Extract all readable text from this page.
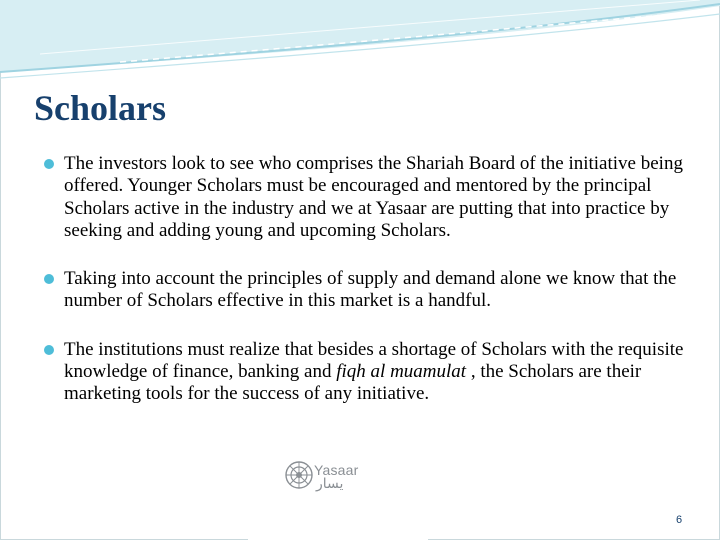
Scholars
The investors look to see who comprises the Shariah Board of the initiative being offered. Younger Scholars must be encouraged and mentored by the principal Scholars active in the industry and we at Yasaar are putting that into practice by seeking and adding young and upcoming Scholars.
Taking into account the principles of supply and demand alone we know that the number of Scholars effective in this market is a handful.
The institutions must realize that besides a shortage of Scholars with the requisite knowledge of finance, banking and fiqh al muamulat , the Scholars are their marketing tools for the success of any initiative.
Yasaar
يسار
6
